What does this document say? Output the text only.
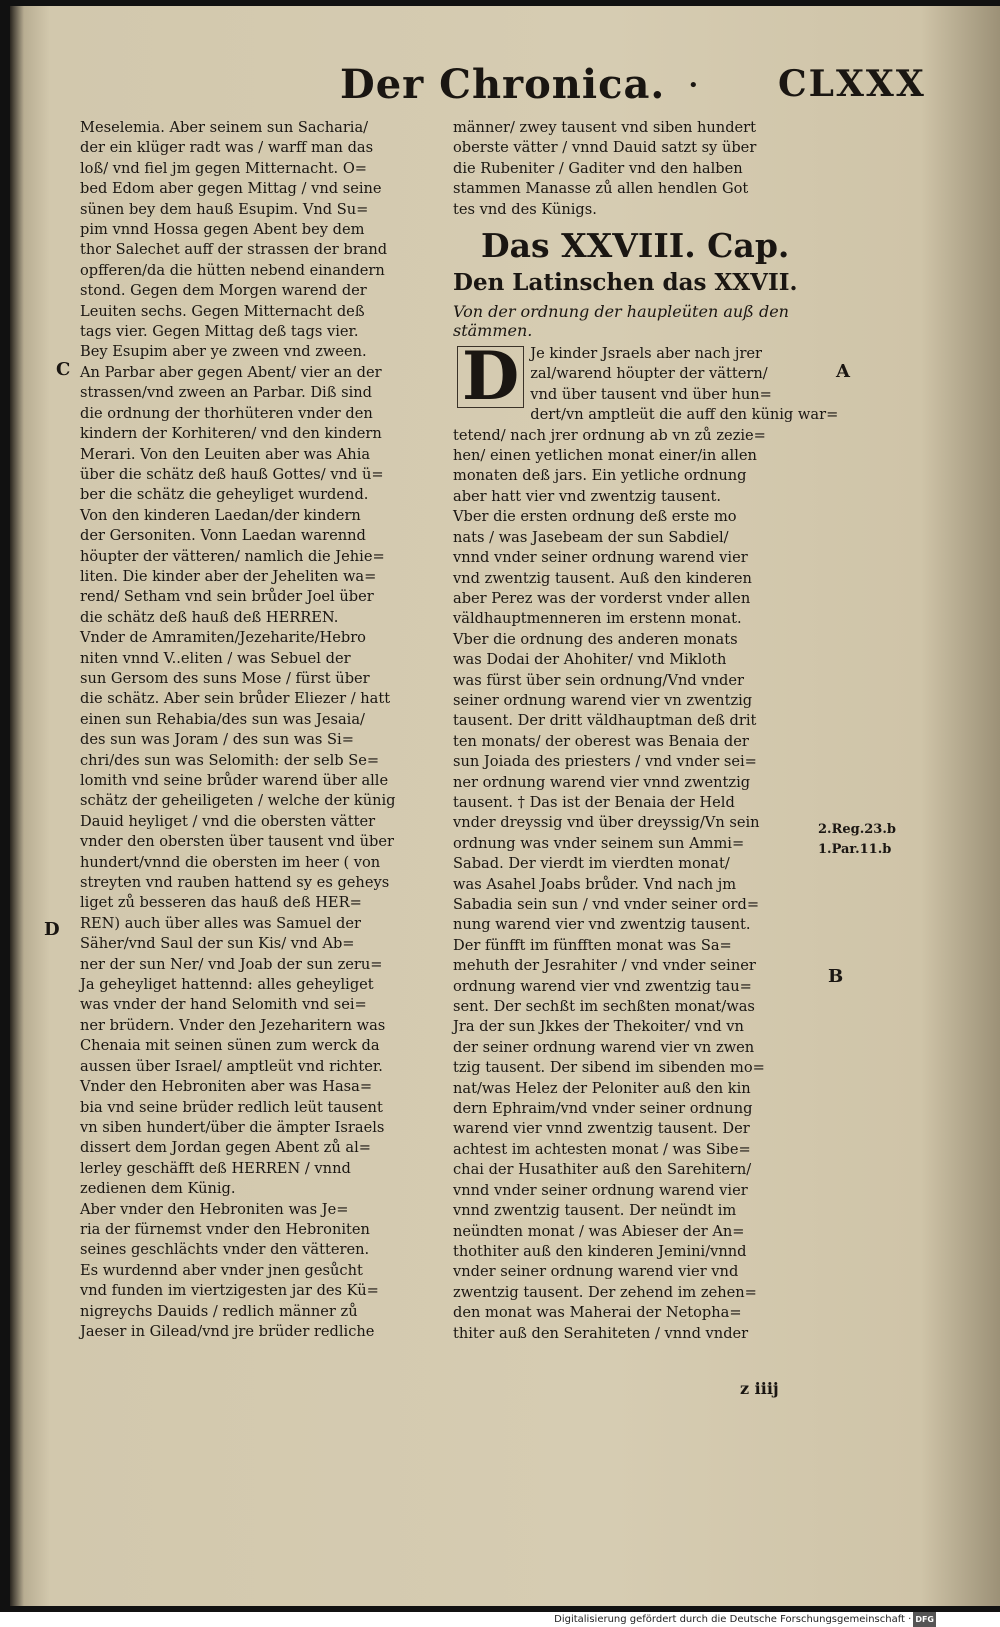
Der Chronica. • CLXXX

Meselemia. Aber seinem sun Sacharia/

der ein klüger radt was / warff man das

loß/ vnd fiel jm gegen Mitternacht. O=

bed Edom aber gegen Mittag / vnd seine

sünen bey dem hauß Esupim. Vnd Su=

pim vnnd Hossa gegen Abent bey dem

thor Salechet auff der strassen der brand

opfferen/da die hütten nebend einandern

stond. Gegen dem Morgen warend der

Leuiten sechs. Gegen Mitternacht deß

tags vier. Gegen Mittag deß tags vier.

Bey Esupim aber ye zween vnd zween.

An Parbar aber gegen Abent/ vier an der

strassen/vnd zween an Parbar. Diß sind

die ordnung der thorhüteren vnder den

kindern der Korhiteren/ vnd den kindern

Merari. Von den Leuiten aber was Ahia

über die schätz deß hauß Gottes/ vnd ü=

ber die schätz die geheyliget wurdend.

Von den kinderen Laedan/der kindern

der Gersoniten. Vonn Laedan warennd

höupter der vätteren/ namlich die Jehie=

liten. Die kinder aber der Jeheliten wa=

rend/ Setham vnd sein brůder Joel über

die schätz deß hauß deß HERREN.

Vnder de Amramiten/Jezeharite/Hebro

niten vnnd V..eliten / was Sebuel der

sun Gersom des suns Mose / fürst über

die schätz. Aber sein brůder Eliezer / hatt

einen sun Rehabia/des sun was Jesaia/

des sun was Joram / des sun was Si=

chri/des sun was Selomith: der selb Se=

lomith vnd seine brůder warend über alle

schätz der geheiligeten / welche der künig

Dauid heyliget / vnd die obersten vätter

vnder den obersten über tausent vnd über

hundert/vnnd die obersten im heer ( von

streyten vnd rauben hattend sy es geheys

liget zů besseren das hauß deß HER=

REN) auch über alles was Samuel der

Säher/vnd Saul der sun Kis/ vnd Ab=

ner der sun Ner/ vnd Joab der sun zeru=

Ja geheyliget hattennd: alles geheyliget

was vnder der hand Selomith vnd sei=

ner brüdern. Vnder den Jezeharitern was

Chenaia mit seinen sünen zum werck da

aussen über Israel/ amptleüt vnd richter.

Vnder den Hebroniten aber was Hasa=

bia vnd seine brüder redlich leüt tausent

vn siben hundert/über die ämpter Israels

dissert dem Jordan gegen Abent zů al=

lerley geschäfft deß HERREN / vnnd

zedienen dem Künig.

Aber vnder den Hebroniten was Je=

ria der fürnemst vnder den Hebroniten

seines geschlächts vnder den vätteren.

Es wurdennd aber vnder jnen gesůcht

vnd funden im viertzigesten jar des Kü=

nigreychs Dauids / redlich männer zů

Jaeser in Gilead/vnd jre brüder redliche

männer/ zwey tausent vnd siben hundert

oberste vätter / vnnd Dauid satzt sy über

die Rubeniter / Gaditer vnd den halben

stammen Manasse zů allen hendlen Got

tes vnd des Künigs.

Das XXVIII. Cap.
Den Latinschen das XXVII.
Von der ordnung der haupleüten auß den stämmen.
D Je kinder Jsraels aber nach jrer

zal/warend höupter der vättern/

vnd über tausent vnd über hun=

dert/vn amptleüt die auff den künig war=

tetend/ nach jrer ordnung ab vn zů zezie=

hen/ einen yetlichen monat einer/in allen

monaten deß jars. Ein yetliche ordnung

aber hatt vier vnd zwentzig tausent.

Vber die ersten ordnung deß erste mo

nats / was Jasebeam der sun Sabdiel/

vnnd vnder seiner ordnung warend vier

vnd zwentzig tausent. Auß den kinderen

aber Perez was der vorderst vnder allen

väldhauptmenneren im erstenn monat.

Vber die ordnung des anderen monats

was Dodai der Ahohiter/ vnd Mikloth

was fürst über sein ordnung/Vnd vnder

seiner ordnung warend vier vn zwentzig

tausent. Der dritt väldhauptman deß drit

ten monats/ der oberest was Benaia der

sun Joiada des priesters / vnd vnder sei=

ner ordnung warend vier vnnd zwentzig

tausent. † Das ist der Benaia der Held

vnder dreyssig vnd über dreyssig/Vn sein

ordnung was vnder seinem sun Ammi=

Sabad. Der vierdt im vierdten monat/

was Asahel Joabs brůder. Vnd nach jm

Sabadia sein sun / vnd vnder seiner ord=

nung warend vier vnd zwentzig tausent.

Der fünfft im fünfften monat was Sa=

mehuth der Jesrahiter / vnd vnder seiner

ordnung warend vier vnd zwentzig tau=

sent. Der sechßt im sechßten monat/was

Jra der sun Jkkes der Thekoiter/ vnd vn

der seiner ordnung warend vier vn zwen

tzig tausent. Der sibend im sibenden mo=

nat/was Helez der Peloniter auß den kin

dern Ephraim/vnd vnder seiner ordnung

warend vier vnnd zwentzig tausent. Der

achtest im achtesten monat / was Sibe=

chai der Husathiter auß den Sarehitern/

vnnd vnder seiner ordnung warend vier

vnnd zwentzig tausent. Der neündt im

neündten monat / was Abieser der An=

thothiter auß den kinderen Jemini/vnnd

vnder seiner ordnung warend vier vnd

zwentzig tausent. Der zehend im zehen=

den monat was Maherai der Netopha=

thiter auß den Serahiteten / vnnd vnder

C
D
A
B
2.Reg.23.b
1.Par.11.b
z iiij
Digitalisierung gefördert durch die Deutsche Forschungsgemeinschaft · DFG
